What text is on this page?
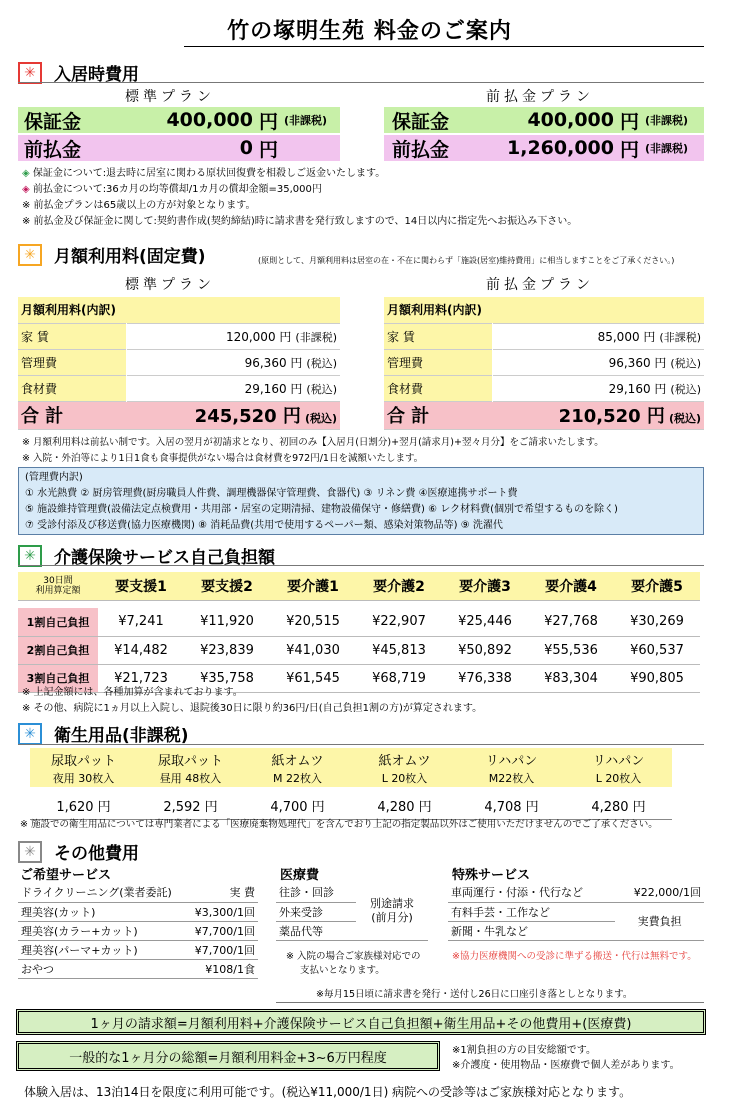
竹の塚明生苑 料金のご案内
✳	入居時費用
標準プラン	前払金プラン
保証金	400,000 円 (非課税)
前払金	0 円
保証金	400,000 円 (非課税)
前払金	1,260,000 円 (非課税)
◈ 保証金について:退去時に居室に関わる原状回復費を相殺しご返金いたします。
◈ 前払金について:36カ月の均等償却/1カ月の償却金額=35,000円
※ 前払金プランは65歳以上の方が対象となります。
※ 前払金及び保証金に関して:契約書作成(契約締結)時に請求書を発行致しますので、14日以内に指定先へお振込み下さい。
✳	月額利用料(固定費)	(原則として、月額利用料は居室の在・不在に関わらず「施設(居室)維持費用」に相当しますことをご了承ください。)
標準プラン	前払金プラン
月額利用料(内訳)	
家 賃	120,000 円 (非課税)
管理費	96,360 円 (税込)
食材費	29,160 円 (税込)
合 計	245,520 円 (税込)
月額利用料(内訳)	
家 賃	85,000 円 (非課税)
管理費	96,360 円 (税込)
食材費	29,160 円 (税込)
合 計	210,520 円 (税込)
※ 月額利用料は前払い制です。入居の翌月が初請求となり、初回のみ【入居月(日割分)+翌月(請求月)+翌々月分】をご請求いたします。
※ 入院・外泊等により1日1食も食事提供がない場合は食材費を972円/1日を減額いたします。
(管理費内訳)
① 水光熱費 ② 厨房管理費(厨房職員人件費、調理機器保守管理費、食器代) ③ リネン費 ④医療連携サポート費
⑤ 施設維持管理費(設備法定点検費用・共用部・居室の定期清掃、建物設備保守・修繕費) ⑥ レク材料費(個別で希望するものを除く)
⑦ 受診付添及び移送費(協力医療機関) ⑧ 消耗品費(共用で使用するペーパー類、感染対策物品等) ⑨ 洗濯代
✳	介護保険サービス自己負担額
30日間
利用算定額	要支援1	要支援2	要介護1	要介護2	要介護3	要介護4	要介護5

1割自己負担	¥7,241	¥11,920	¥20,515	¥22,907	¥25,446	¥27,768	¥30,269
2割自己負担	¥14,482	¥23,839	¥41,030	¥45,813	¥50,892	¥55,536	¥60,537
3割自己負担	¥21,723	¥35,758	¥61,545	¥68,719	¥76,338	¥83,304	¥90,805
※ 上記金額には、各種加算が含まれております。
※ その他、病院に1ヵ月以上入院し、退院後30日に限り約36円/日(自己負担1割の方)が算定されます。
✳	衛生用品(非課税)
尿取パット	尿取パット	紙オムツ	紙オムツ	リハパン	リハパン
夜用 30枚入	昼用 48枚入	M 22枚入	L 20枚入	M22枚入	L 20枚入

1,620 円	2,592 円	4,700 円	4,280 円	4,708 円	4,280 円
※ 施設での衛生用品については専門業者による「医療廃棄物処理代」を含んでおり上記の指定製品以外はご使用いただけませんのでご了承ください。
✳	その他費用
ご希望サービス
ドライクリーニング(業者委託)	実 費
理美容(カット)	¥3,300/1回
理美容(カラー+カット)	¥7,700/1回
理美容(パーマ+カット)	¥7,700/1回
おやつ	¥108/1食
医療費
往診・回診	
別途請求
(前月分)

外来受診
薬品代等
※ 入院の場合ご家族様対応での
支払いとなります。
特殊サービス
車両運行・付添・代行など	¥22,000/1回
有料手芸・工作など	実費負担
新聞・牛乳など	
※協力医療機関への受診に準ずる搬送・代行は無料です。
※毎月15日頃に請求書を発行・送付し26日に口座引き落としとなります。
1ヶ月の請求額=月額利用料+介護保険サービス自己負担額+衛生用品+その他費用+(医療費)
一般的な1ヶ月分の総額=月額利用料金+3~6万円程度	※1割負担の方の目安総額です。
※介護度・使用物品・医療費で個人差があります。
体験入居は、13泊14日を限度に利用可能です。(税込¥11,000/1日) 病院への受診等はご家族様対応となります。
